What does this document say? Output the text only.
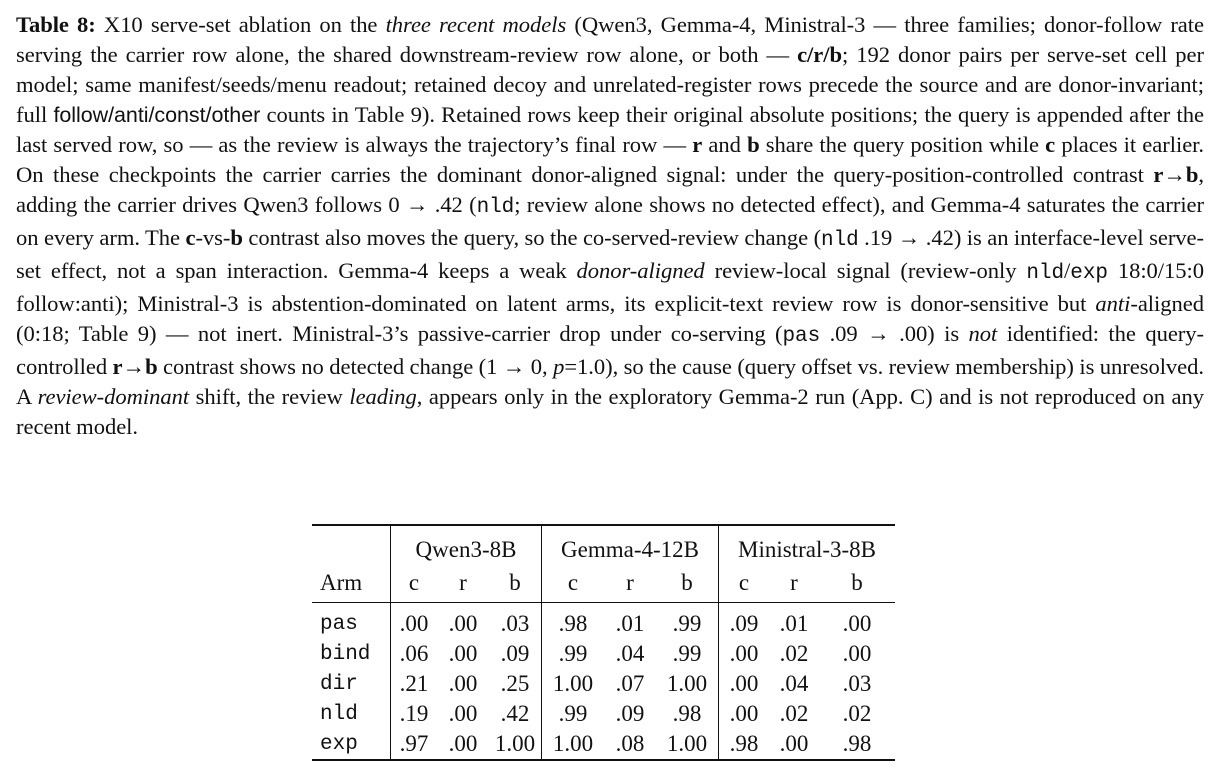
Table 8: X10 serve-set ablation on the three recent models (Qwen3, Gemma-4, Ministral-3 — three families; donor-follow rate serving the carrier row alone, the shared downstream-review row alone, or both — c/r/b; 192 donor pairs per serve-set cell per model; same manifest/seeds/menu readout; retained decoy and unrelated-register rows precede the source and are donor-invariant; full follow/anti/const/other counts in Table 9). Retained rows keep their original absolute positions; the query is appended after the last served row, so — as the review is always the trajectory’s final row — r and b share the query position while c places it earlier. On these checkpoints the carrier carries the dominant donor-aligned signal: under the query-position-controlled contrast r→b, adding the carrier drives Qwen3 follows 0 → .42 (nld; review alone shows no detected effect), and Gemma-4 saturates the carrier on every arm. The c-vs-b contrast also moves the query, so the co-served-review change (nld .19 → .42) is an interface-level serve-set effect, not a span interaction. Gemma-4 keeps a weak donor-aligned review-local signal (review-only nld/exp 18:0/15:0 follow:anti); Ministral-3 is abstention-dominated on latent arms, its explicit-text review row is donor-sensitive but anti-aligned (0:18; Table 9) — not inert. Ministral-3’s passive-carrier drop under co-serving (pas .09 → .00) is not identified: the query-controlled r→b contrast shows no detected change (1 → 0, p=1.0), so the cause (query offset vs. review membership) is unresolved. A review-dominant shift, the review leading, appears only in the exploratory Gemma-2 run (App. C) and is not reproduced on any recent model.
	Qwen3-8B			Gemma-4-12B			Ministral-3-8B		
Arm	c	r	b	c	r	b	c	r	b

pas	.00	.00	.03	.98	.01	.99	.09	.01	.00
bind	.06	.00	.09	.99	.04	.99	.00	.02	.00
dir	.21	.00	.25	1.00	.07	1.00	.00	.04	.03
nld	.19	.00	.42	.99	.09	.98	.00	.02	.02
exp	.97	.00	1.00	1.00	.08	1.00	.98	.00	.98
